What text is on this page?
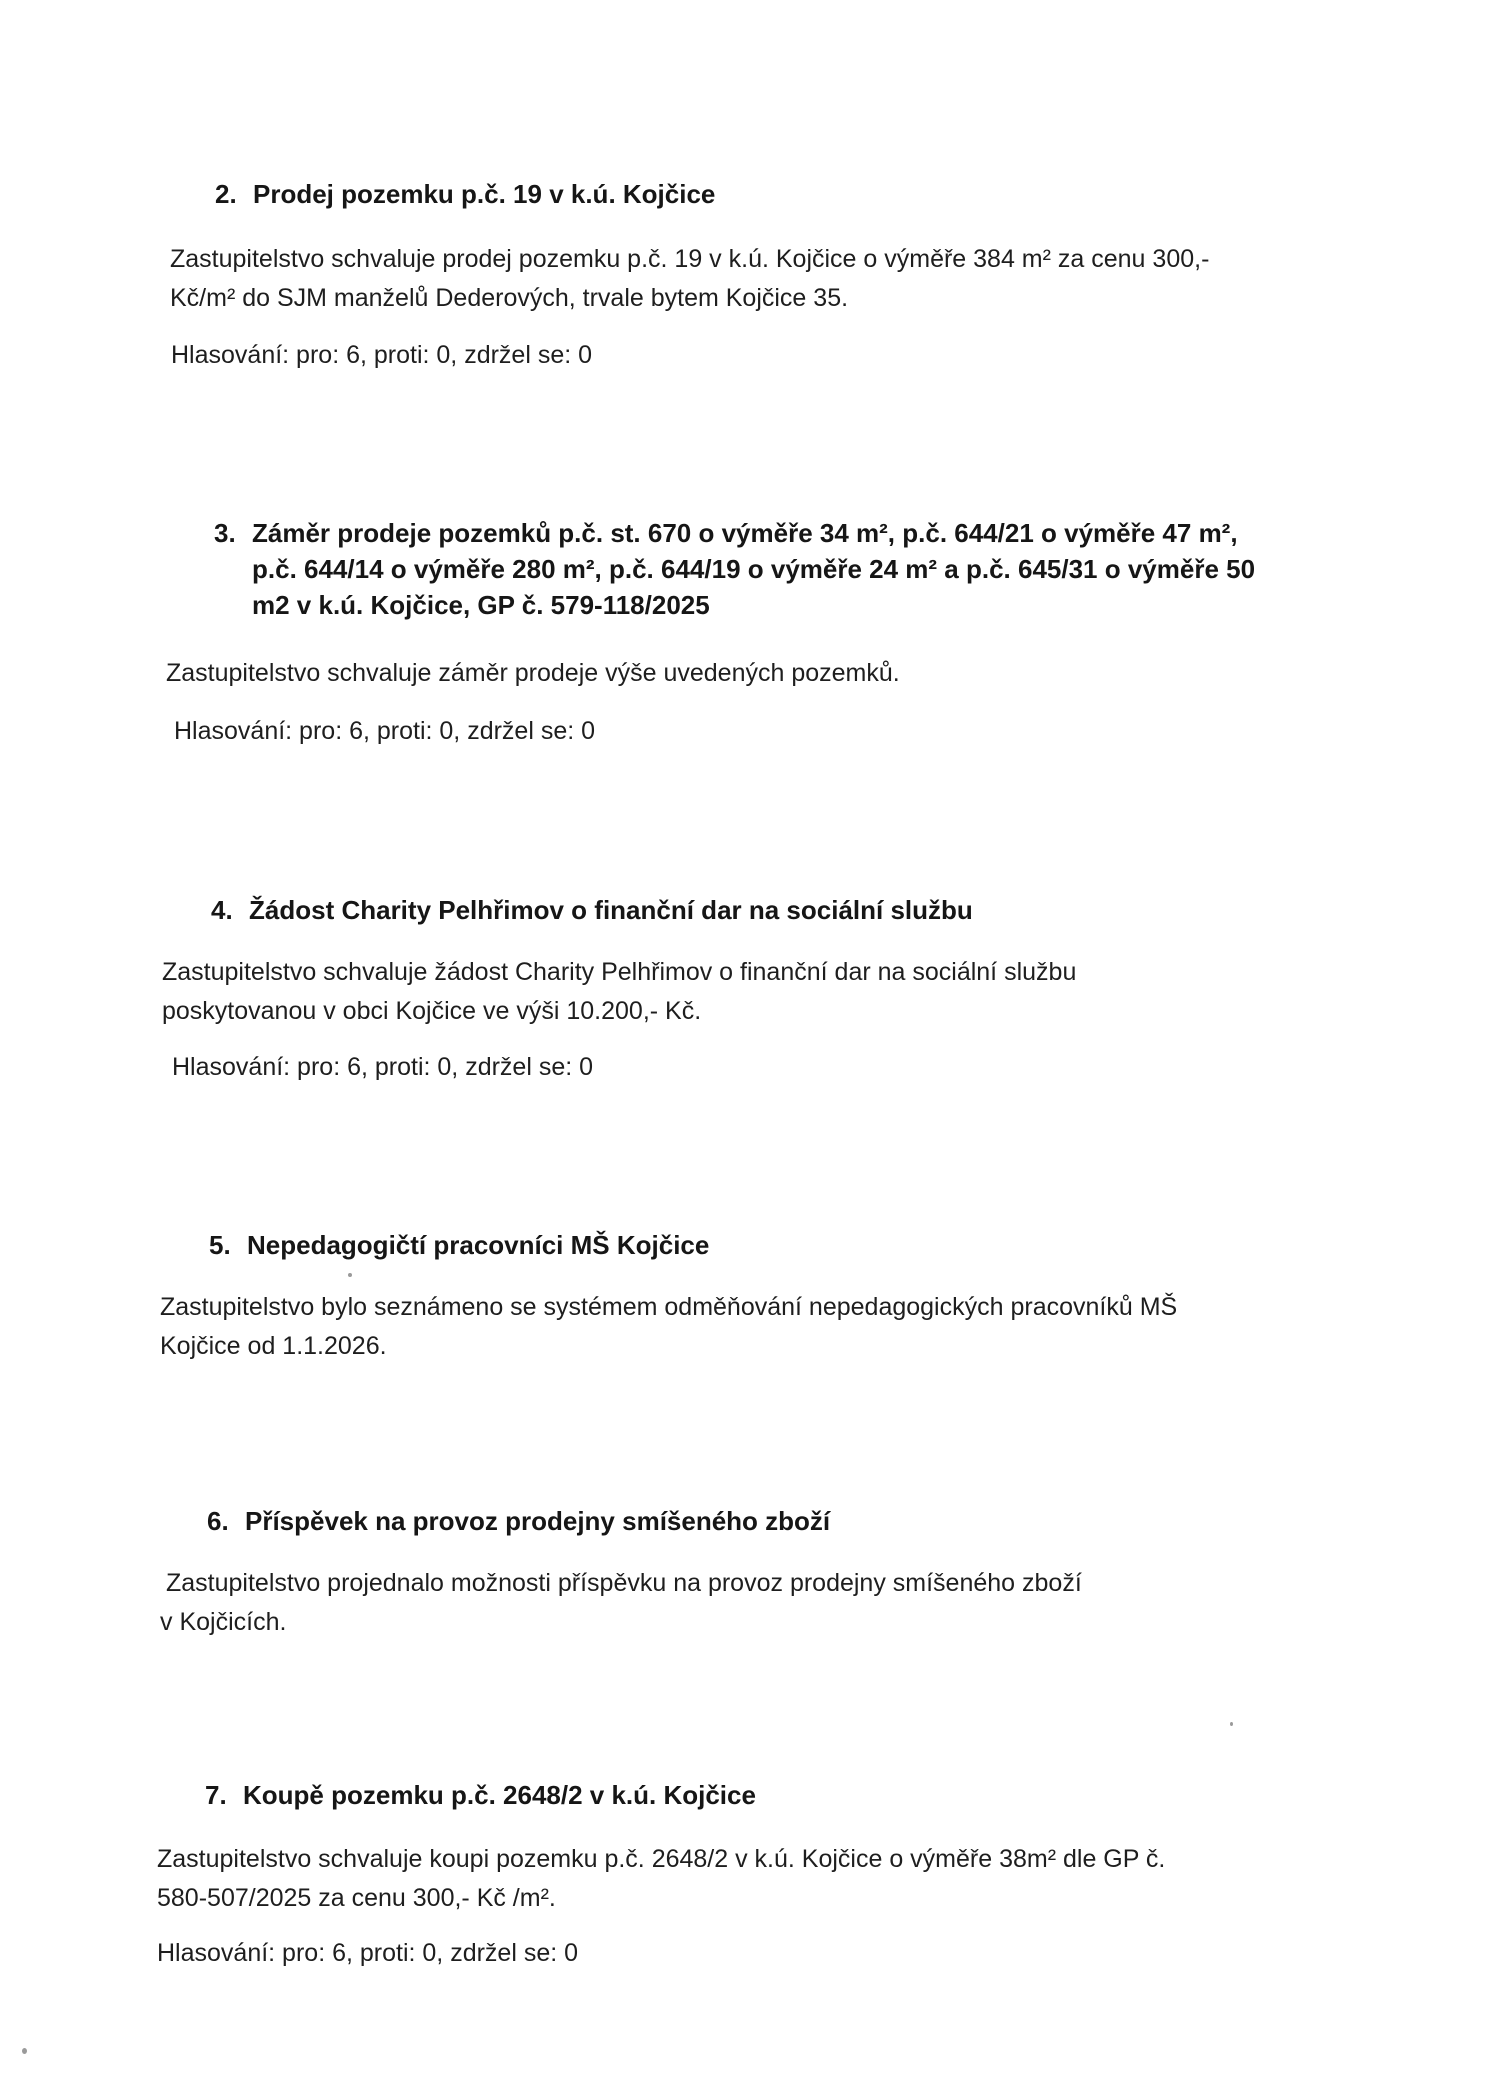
2. Prodej pozemku p.č. 19 v k.ú. Kojčice
Zastupitelstvo schvaluje prodej pozemku p.č. 19 v k.ú. Kojčice o výměře 384 m² za cenu 300,-
Kč/m² do SJM manželů Dederových, trvale bytem Kojčice 35.
Hlasování: pro: 6, proti: 0, zdržel se: 0
3. Záměr prodeje pozemků p.č. st. 670 o výměře 34 m², p.č. 644/21 o výměře 47 m²,
p.č. 644/14 o výměře 280 m², p.č. 644/19 o výměře 24 m² a p.č. 645/31 o výměře 50
m2 v k.ú. Kojčice, GP č. 579-118/2025
Zastupitelstvo schvaluje záměr prodeje výše uvedených pozemků.
Hlasování: pro: 6, proti: 0, zdržel se: 0
4. Žádost Charity Pelhřimov o finanční dar na sociální službu
Zastupitelstvo schvaluje žádost Charity Pelhřimov o finanční dar na sociální službu
poskytovanou v obci Kojčice ve výši 10.200,- Kč.
Hlasování: pro: 6, proti: 0, zdržel se: 0
5. Nepedagogičtí pracovníci MŠ Kojčice
Zastupitelstvo bylo seznámeno se systémem odměňování nepedagogických pracovníků MŠ
Kojčice od 1.1.2026.
6. Příspěvek na provoz prodejny smíšeného zboží
Zastupitelstvo projednalo možnosti příspěvku na provoz prodejny smíšeného zboží
v Kojčicích.
7. Koupě pozemku p.č. 2648/2 v k.ú. Kojčice
Zastupitelstvo schvaluje koupi pozemku p.č. 2648/2 v k.ú. Kojčice o výměře 38m² dle GP č.
580-507/2025 za cenu 300,- Kč /m².
Hlasování: pro: 6, proti: 0, zdržel se: 0
